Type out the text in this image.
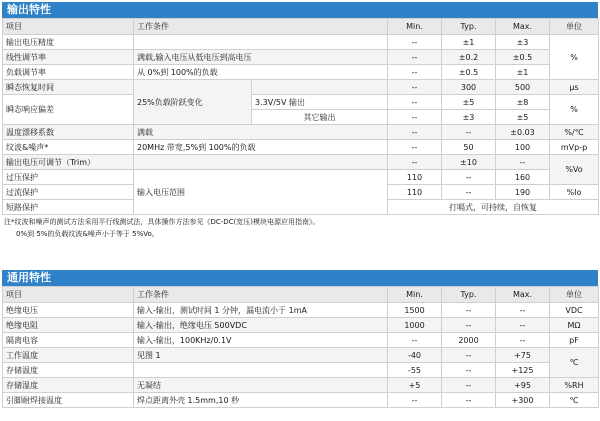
输出特性
项目	工作条件		Min.	Typ.	Max.	单位
输出电压精度			--	±1	±3	%
线性调节率	满载,输入电压从低电压到高电压		--	±0.2	±0.5	
负载调节率	从 0%到 100%的负载		--	±0.5	±1	
瞬态恢复时间	25%负载阶跃变化		--	300	500	µs
瞬态响应偏差		3.3V/5V 输出	--	±5	±8	%
		其它输出	--	±3	±5	
温度漂移系数	满载		--	--	±0.03	%/℃
纹波&噪声*	20MHz 带宽,5%到 100%的负载		--	50	100	mVp-p
输出电压可调节（Trim）			--	±10	--	%Vo
过压保护	输入电压范围		110	--	160	
过流保护			110	--	190	%Io
短路保护			打嗝式，可持续，自恢复			
注*纹波和噪声的测试方法采用平行线测试法，具体操作方法参见《DC-DC(宽压)模块电源应用指南》。
0%到 5%的负载纹波&噪声小于等于 5%Vo。
通用特性
项目	工作条件	Min.	Typ.	Max.	单位
绝缘电压	输入-输出，测试时间 1 分钟，漏电流小于 1mA	1500	--	--	VDC
绝缘电阻	输入-输出，绝缘电压 500VDC	1000	--	--	MΩ
隔离电容	输入-输出，100KHz/0.1V	--	2000	--	pF
工作温度	见图 1	-40	--	+75	℃
存储温度		-55	--	+125	
存储湿度	无凝结	+5	--	+95	%RH
引脚耐焊接温度	焊点距离外壳 1.5mm,10 秒	--	--	+300	℃
